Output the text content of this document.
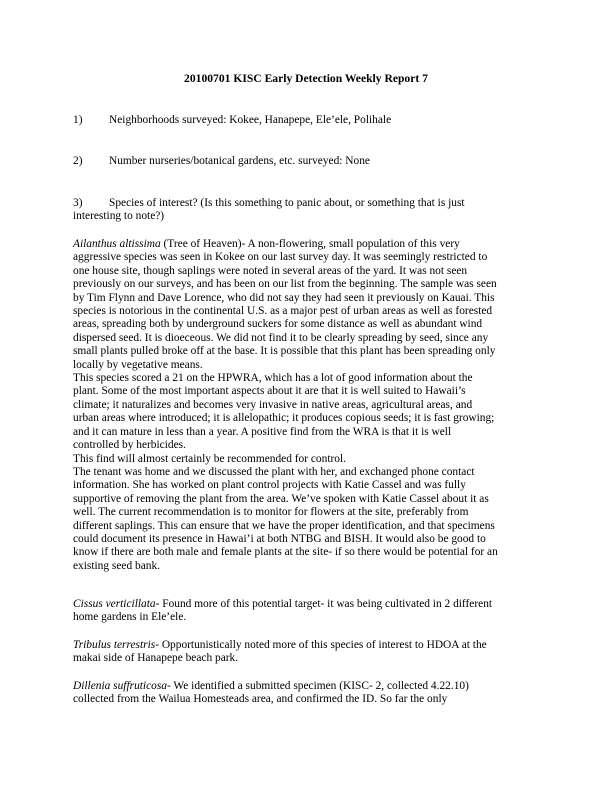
20100701 KISC Early Detection Weekly Report 7
1) Neighborhoods surveyed: Kokee, Hanapepe, Ele’ele, Polihale
2) Number nurseries/botanical gardens, etc. surveyed: None
3) Species of interest? (Is this something to panic about, or something that is just
interesting to note?)

Ailanthus altissima (Tree of Heaven)- A non-flowering, small population of this very

aggressive species was seen in Kokee on our last survey day. It was seemingly restricted to

one house site, though saplings were noted in several areas of the yard. It was not seen

previously on our surveys, and has been on our list from the beginning. The sample was seen

by Tim Flynn and Dave Lorence, who did not say they had seen it previously on Kauai. This

species is notorious in the continental U.S. as a major pest of urban areas as well as forested

areas, spreading both by underground suckers for some distance as well as abundant wind

dispersed seed. It is dioeceous. We did not find it to be clearly spreading by seed, since any

small plants pulled broke off at the base. It is possible that this plant has been spreading only

locally by vegetative means.

This species scored a 21 on the HPWRA, which has a lot of good information about the

plant. Some of the most important aspects about it are that it is well suited to Hawaii’s

climate; it naturalizes and becomes very invasive in native areas, agricultural areas, and

urban areas where introduced; it is allelopathic; it produces copious seeds; it is fast growing;

and it can mature in less than a year. A positive find from the WRA is that it is well

controlled by herbicides.

This find will almost certainly be recommended for control.

The tenant was home and we discussed the plant with her, and exchanged phone contact

information. She has worked on plant control projects with Katie Cassel and was fully

supportive of removing the plant from the area. We’ve spoken with Katie Cassel about it as

well. The current recommendation is to monitor for flowers at the site, preferably from

different saplings. This can ensure that we have the proper identification, and that specimens

could document its presence in Hawai’i at both NTBG and BISH. It would also be good to

know if there are both male and female plants at the site- if so there would be potential for an

existing seed bank.

Cissus verticillata- Found more of this potential target- it was being cultivated in 2 different

home gardens in Ele’ele.

Tribulus terrestris- Opportunistically noted more of this species of interest to HDOA at the

makai side of Hanapepe beach park.

Dillenia suffruticosa- We identified a submitted specimen (KISC- 2, collected 4.22.10)

collected from the Wailua Homesteads area, and confirmed the ID. So far the only
